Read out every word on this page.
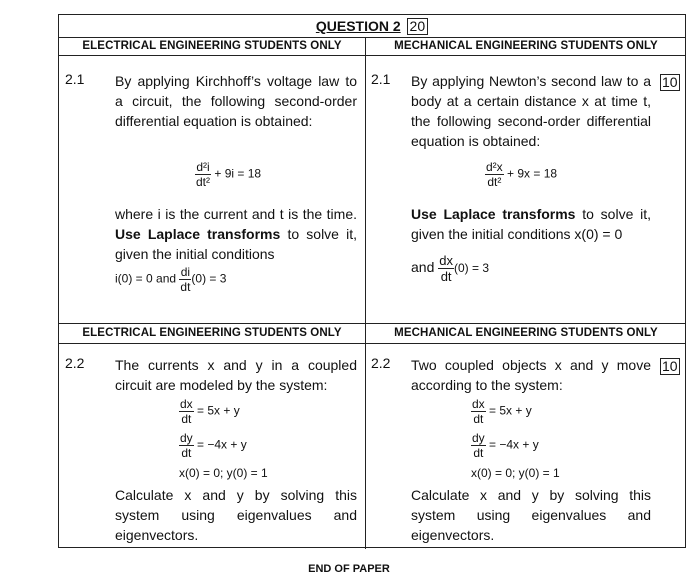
QUESTION 2 20
ELECTRICAL ENGINEERING STUDENTS ONLY	MECHANICAL ENGINEERING STUDENTS ONLY
2.1 By applying Kirchhoff’s voltage law to a circuit, the following second-order differential equation is obtained:
$\frac{\text{d²i}}{\text{dt²}} + 9i = 18$
where i is the current and t is the time. Use Laplace transforms to solve it, given the initial conditions
i(0) = 0 and $\frac{di}{dt} (0) = 3$
2.1 By applying Newton’s second law to a body at a certain distance x at time t, the following second-order differential equation is obtained:
10
$\frac{\text{d²x}}{\text{dt²}} + 9x = 18$
Use Laplace transforms to solve it, given the initial conditions x(0) = 0
and $\frac{dx}{dt} (0) = 3$
ELECTRICAL ENGINEERING STUDENTS ONLY	MECHANICAL ENGINEERING STUDENTS ONLY
2.2 The currents x and y in a coupled circuit are modeled by the system:
$\frac{dx}{dt} = 5x + y$
$\frac{dy}{dt} = -4x + y$
x(0) = 0; y(0) = 1
Calculate x and y by solving this system using eigenvalues and eigenvectors.
2.2 Two coupled objects x and y move according to the system:
10
$\frac{dx}{dt} = 5x + y$
$\frac{dy}{dt} = -4x + y$
x(0) = 0; y(0) = 1
Calculate x and y by solving this system using eigenvalues and eigenvectors.
END OF PAPER
